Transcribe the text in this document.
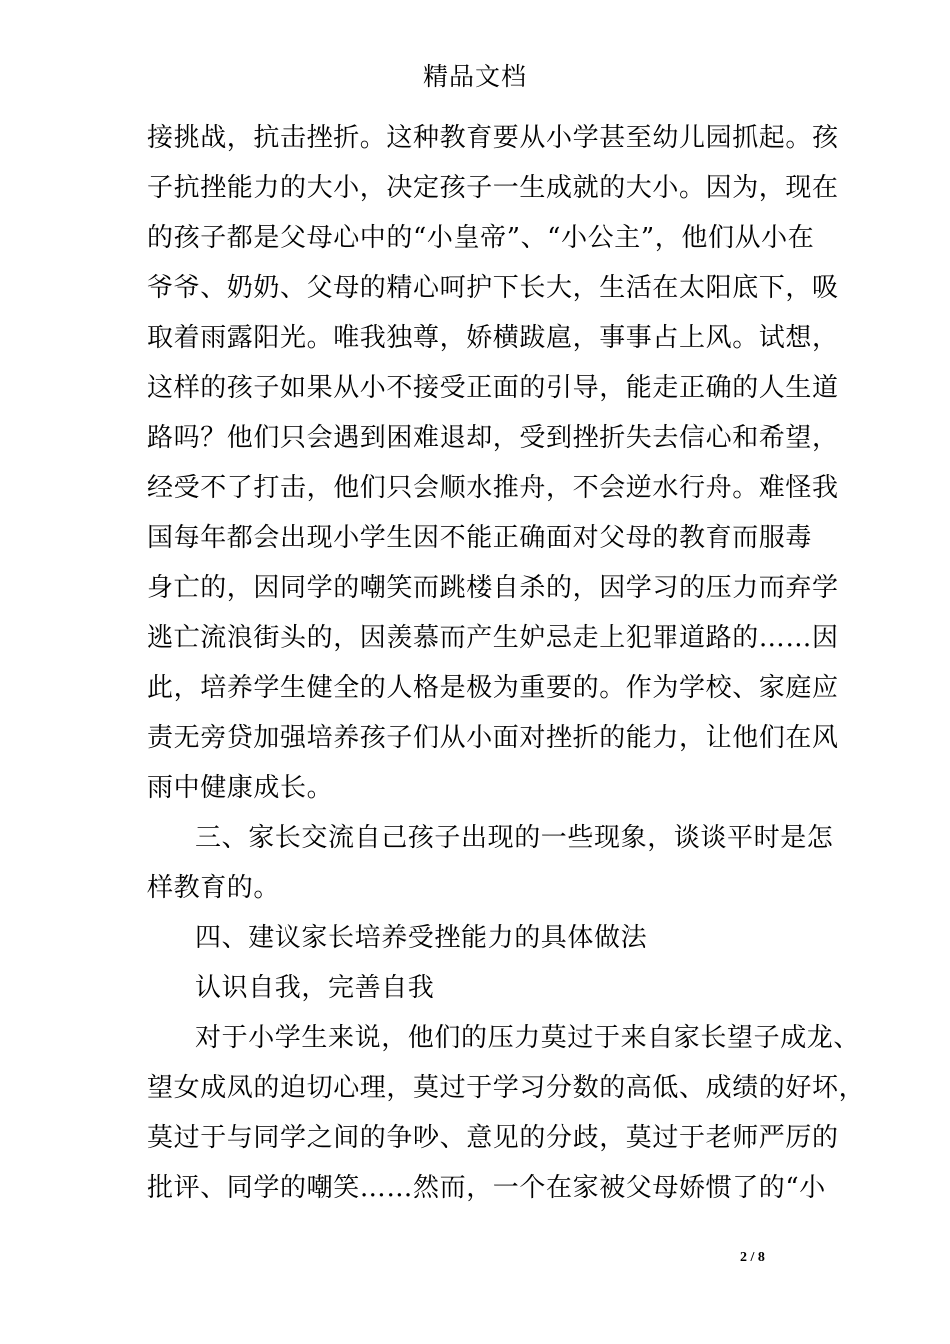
精品文档
接挑战，抗击挫折。这种教育要从小学甚至幼儿园抓起。孩
子抗挫能力的大小，决定孩子一生成就的大小。因为，现在
的孩子都是父母心中的“小皇帝”、“小公主”，他们从小在
爷爷、奶奶、父母的精心呵护下长大，生活在太阳底下，吸
取着雨露阳光。唯我独尊，娇横跋扈，事事占上风。试想，
这样的孩子如果从小不接受正面的引导，能走正确的人生道
路吗？他们只会遇到困难退却，受到挫折失去信心和希望，
经受不了打击，他们只会顺水推舟，不会逆水行舟。难怪我
国每年都会出现小学生因不能正确面对父母的教育而服毒
身亡的，因同学的嘲笑而跳楼自杀的，因学习的压力而弃学
逃亡流浪街头的，因羡慕而产生妒忌走上犯罪道路的……因
此，培养学生健全的人格是极为重要的。作为学校、家庭应
责无旁贷加强培养孩子们从小面对挫折的能力，让他们在风
雨中健康成长。
三、家长交流自己孩子出现的一些现象，谈谈平时是怎
样教育的。
四、建议家长培养受挫能力的具体做法
认识自我，完善自我
对于小学生来说，他们的压力莫过于来自家长望子成龙、
望女成凤的迫切心理，莫过于学习分数的高低、成绩的好坏，
莫过于与同学之间的争吵、意见的分歧，莫过于老师严厉的
批评、同学的嘲笑……然而，一个在家被父母娇惯了的“小
2 / 8
